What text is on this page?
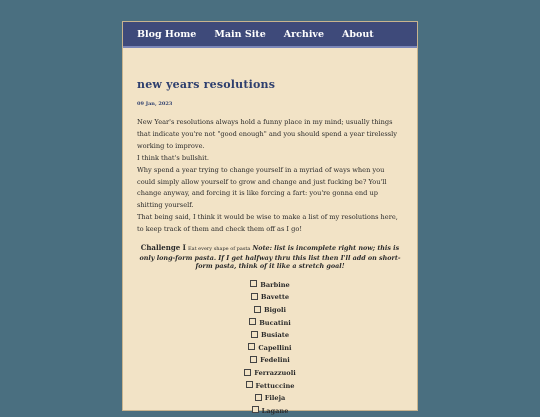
Blog Home Main Site Archive About
new years resolutions
09 Jan, 2023

New Year's resolutions always hold a funny place in my mind; usually things that indicate you're not "good enough" and you should spend a year tirelessly working to improve.

I think that's bullshit.

Why spend a year trying to change yourself in a myriad of ways when you could simply allow yourself to grow and change and just fucking be? You'll change anyway, and forcing it is like forcing a fart: you're gonna end up shitting yourself.

That being said, I think it would be wise to make a list of my resolutions here, to keep track of them and check them off as I go!

Challenge I Eat every shape of pasta Note: list is incomplete right now; this is only long-form pasta. If I get halfway thru this list then I'll add on short-form pasta, think of it like a stretch goal!
Barbine
Bavette
Bigoli
Bucatini
Busiate
Capellini
Fedelini
Ferrazzuoli
Fettuccine
Fileja
Lagane
